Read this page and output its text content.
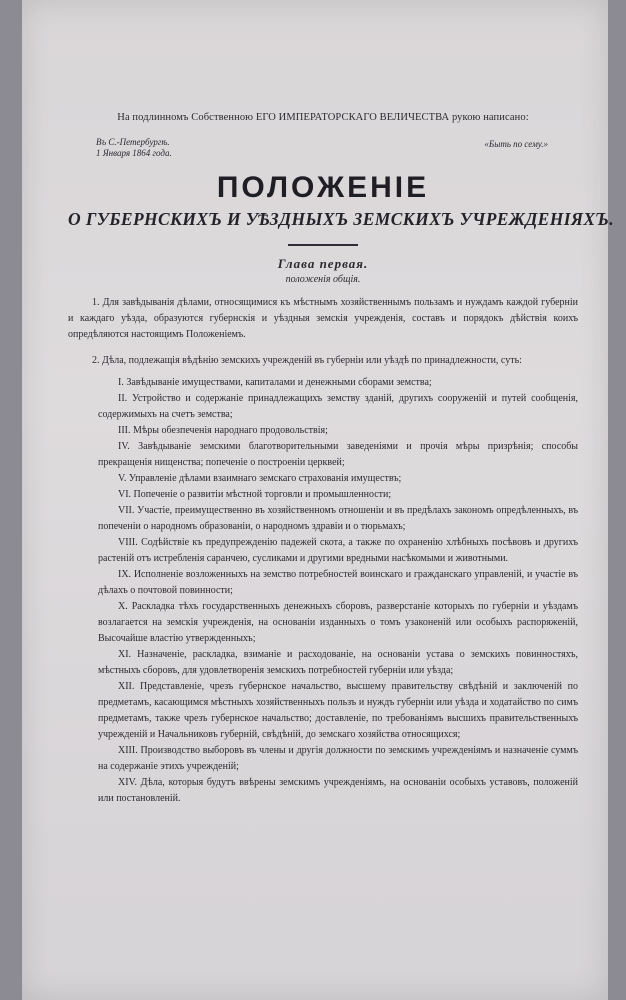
На подлинномъ Собственною ЕГО ИМПЕРАТОРСКАГО ВЕЛИЧЕСТВА рукою написано:
Въ С.-Петербургѣ.
1 Января 1864 года.
«Быть по сему.»
ПОЛОЖЕНІЕ
О ГУБЕРНСКИХЪ И УѢЗДНЫХЪ ЗЕМСКИХЪ УЧРЕЖДЕНІЯХЪ.
Глава первая.
положенія общія.
1. Для завѣдыванія дѣлами, относящимися къ мѣстнымъ хозяйственнымъ пользамъ и нуждамъ каждой губерніи и каждаго уѣзда, образуются губернскія и уѣздныя земскія учрежденія, составъ и порядокъ дѣйствія коихъ опредѣляются настоящимъ Положеніемъ.
2. Дѣла, подлежащія вѣдѣнію земскихъ учрежденій въ губерніи или уѣздѣ по принадлежности, суть:
I. Завѣдываніе имуществами, капиталами и денежными сборами земства;
II. Устройство и содержаніе принадлежащихъ земству зданій, другихъ сооруженій и путей сообщенія, содержимыхъ на счетъ земства;
III. Мѣры обезпеченія народнаго продовольствія;
IV. Завѣдываніе земскими благотворительными заведеніями и прочія мѣры призрѣнія; способы прекращенія нищенства; попеченіе о построеніи церквей;
V. Управленіе дѣлами взаимнаго земскаго страхованія имуществъ;
VI. Попеченіе о развитіи мѣстной торговли и промышленности;
VII. Участіе, преимущественно въ хозяйственномъ отношеніи и въ предѣлахъ закономъ опредѣленныхъ, въ попеченіи о народномъ образованіи, о народномъ здравіи и о тюрьмахъ;
VIII. Содѣйствіе къ предупрежденію падежей скота, а также по охраненію хлѣбныхъ посѣвовъ и другихъ растеній отъ истребленія саранчею, сусликами и другими вредными насѣкомыми и животными.
IX. Исполненіе возложенныхъ на земство потребностей воинскаго и гражданскаго управленій, и участіе въ дѣлахъ о почтовой повинности;
X. Раскладка тѣхъ государственныхъ денежныхъ сборовъ, разверстаніе которыхъ по губерніи и уѣздамъ возлагается на земскія учрежденія, на основаніи изданныхъ о томъ узаконеній или особыхъ распоряженій, Высочайше властію утвержденныхъ;
XI. Назначеніе, раскладка, взиманіе и расходованіе, на основаніи устава о земскихъ повинностяхъ, мѣстныхъ сборовъ, для удовлетворенія земскихъ потребностей губерніи или уѣзда;
XII. Представленіе, чрезъ губернское начальство, высшему правительству свѣдѣній и заключеній по предметамъ, касающимся мѣстныхъ хозяйственныхъ пользъ и нуждъ губерніи или уѣзда и ходатайство по симъ предметамъ, также чрезъ губернское начальство; доставленіе, по требованіямъ высшихъ правительственныхъ учрежденій и Начальниковъ губерній, свѣдѣній, до земскаго хозяйства относящихся;
XIII. Производство выборовъ въ члены и другія должности по земскимъ учрежденіямъ и назначеніе суммъ на содержаніе этихъ учрежденій;
XIV. Дѣла, которыя будутъ ввѣрены земскимъ учрежденіямъ, на основаніи особыхъ уставовъ, положеній или постановленій.
